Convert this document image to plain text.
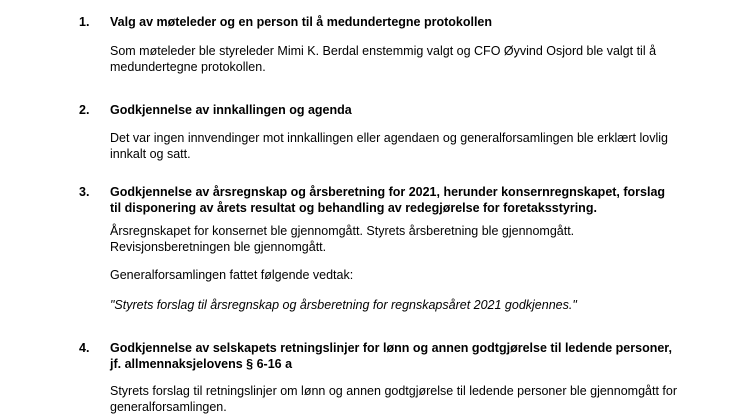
1. Valg av møteleder og en person til å medundertegne protokollen
Som møteleder ble styreleder Mimi K. Berdal enstemmig valgt og CFO Øyvind Osjord ble valgt til å medundertegne protokollen.
2. Godkjennelse av innkallingen og agenda
Det var ingen innvendinger mot innkallingen eller agendaen og generalforsamlingen ble erklært lovlig innkalt og satt.
3. Godkjennelse av årsregnskap og årsberetning for 2021, herunder konsernregnskapet, forslag til disponering av årets resultat og behandling av redegjørelse for foretaksstyring.
Årsregnskapet for konsernet ble gjennomgått. Styrets årsberetning ble gjennomgått.
Revisjonsberetningen ble gjennomgått.
Generalforsamlingen fattet følgende vedtak:
"Styrets forslag til årsregnskap og årsberetning for regnskapsåret 2021 godkjennes."
4. Godkjennelse av selskapets retningslinjer for lønn og annen godtgjørelse til ledende personer, jf. allmennaksjelovens § 6-16 a
Styrets forslag til retningslinjer om lønn og annen godtgjørelse til ledende personer ble gjennomgått for generalforsamlingen.
